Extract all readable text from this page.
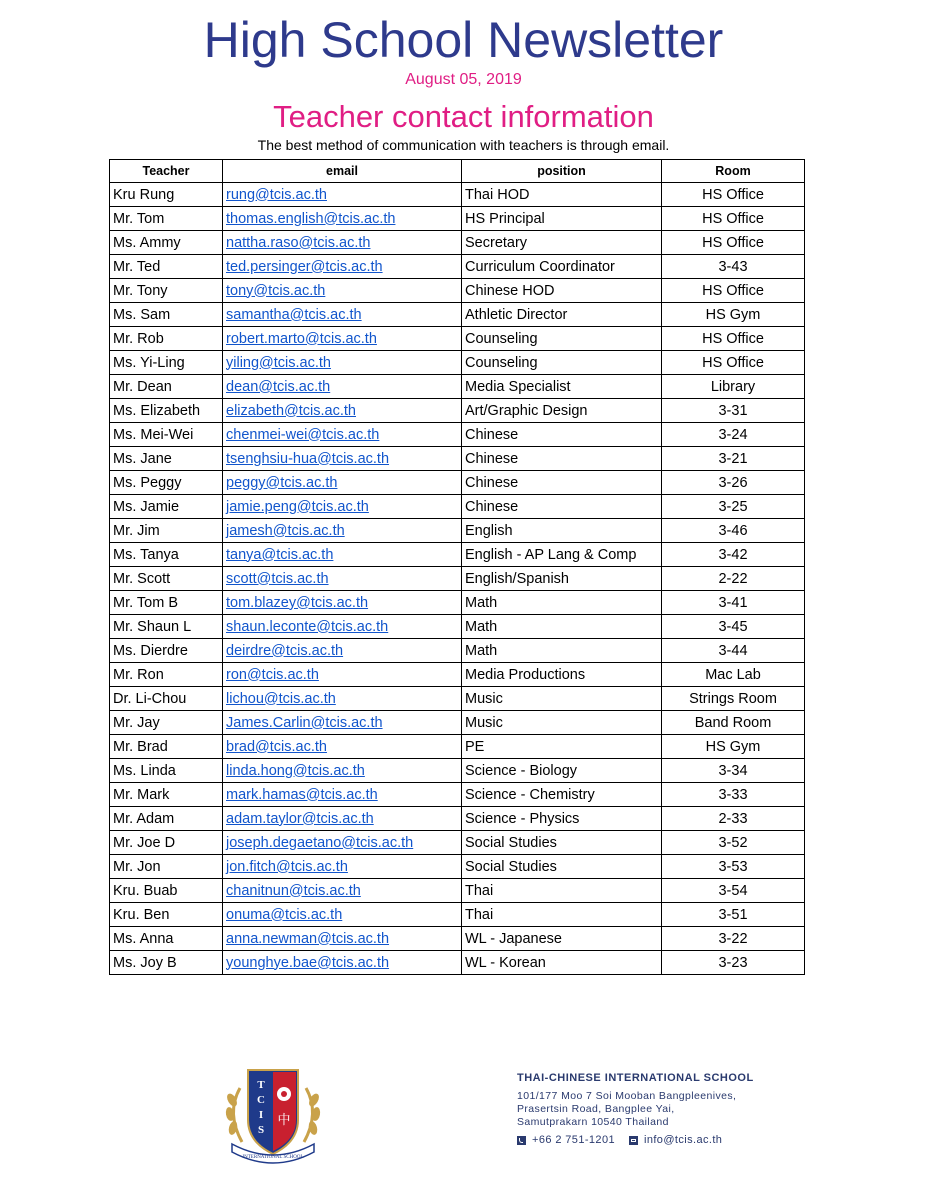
High School Newsletter
August 05, 2019
Teacher contact information
The best method of communication with teachers is through email.
Teacher	email	position	Room
Kru Rung	rung@tcis.ac.th	Thai HOD	HS Office
Mr. Tom	thomas.english@tcis.ac.th	HS Principal	HS Office
Ms. Ammy	nattha.raso@tcis.ac.th	Secretary	HS Office
Mr. Ted	ted.persinger@tcis.ac.th	Curriculum Coordinator	3-43
Mr. Tony	tony@tcis.ac.th	Chinese HOD	HS Office
Ms. Sam	samantha@tcis.ac.th	Athletic Director	HS Gym
Mr. Rob	robert.marto@tcis.ac.th	Counseling	HS Office
Ms. Yi-Ling	yiling@tcis.ac.th	Counseling	HS Office
Mr. Dean	dean@tcis.ac.th	Media Specialist	Library
Ms. Elizabeth	elizabeth@tcis.ac.th	Art/Graphic Design	3-31
Ms. Mei-Wei	chenmei-wei@tcis.ac.th	Chinese	3-24
Ms. Jane	tsenghsiu-hua@tcis.ac.th	Chinese	3-21
Ms. Peggy	peggy@tcis.ac.th	Chinese	3-26
Ms. Jamie	jamie.peng@tcis.ac.th	Chinese	3-25
Mr. Jim	jamesh@tcis.ac.th	English	3-46
Ms. Tanya	tanya@tcis.ac.th	English - AP Lang & Comp	3-42
Mr. Scott	scott@tcis.ac.th	English/Spanish	2-22
Mr. Tom B	tom.blazey@tcis.ac.th	Math	3-41
Mr. Shaun L	shaun.leconte@tcis.ac.th	Math	3-45
Ms. Dierdre	deirdre@tcis.ac.th	Math	3-44
Mr. Ron	ron@tcis.ac.th	Media Productions	Mac Lab
Dr. Li-Chou	lichou@tcis.ac.th	Music	Strings Room
Mr. Jay	James.Carlin@tcis.ac.th	Music	Band Room
Mr. Brad	brad@tcis.ac.th	PE	HS Gym
Ms. Linda	linda.hong@tcis.ac.th	Science - Biology	3-34
Mr. Mark	mark.hamas@tcis.ac.th	Science - Chemistry	3-33
Mr. Adam	adam.taylor@tcis.ac.th	Science - Physics	2-33
Mr. Joe D	joseph.degaetano@tcis.ac.th	Social Studies	3-52
Mr. Jon	jon.fitch@tcis.ac.th	Social Studies	3-53
Kru. Buab	chanitnun@tcis.ac.th	Thai	3-54
Kru. Ben	onuma@tcis.ac.th	Thai	3-51
Ms. Anna	anna.newman@tcis.ac.th	WL - Japanese	3-22
Ms. Joy B	younghye.bae@tcis.ac.th	WL - Korean	3-23
T
C
I
S
中
INTERNATIONAL SCHOOL
THAI-CHINESE INTERNATIONAL SCHOOL
101/177 Moo 7 Soi Mooban Bangpleenives,
Prasertsin Road, Bangplee Yai,
Samutprakarn 10540 Thailand
+66 2 751-1201	info@tcis.ac.th
